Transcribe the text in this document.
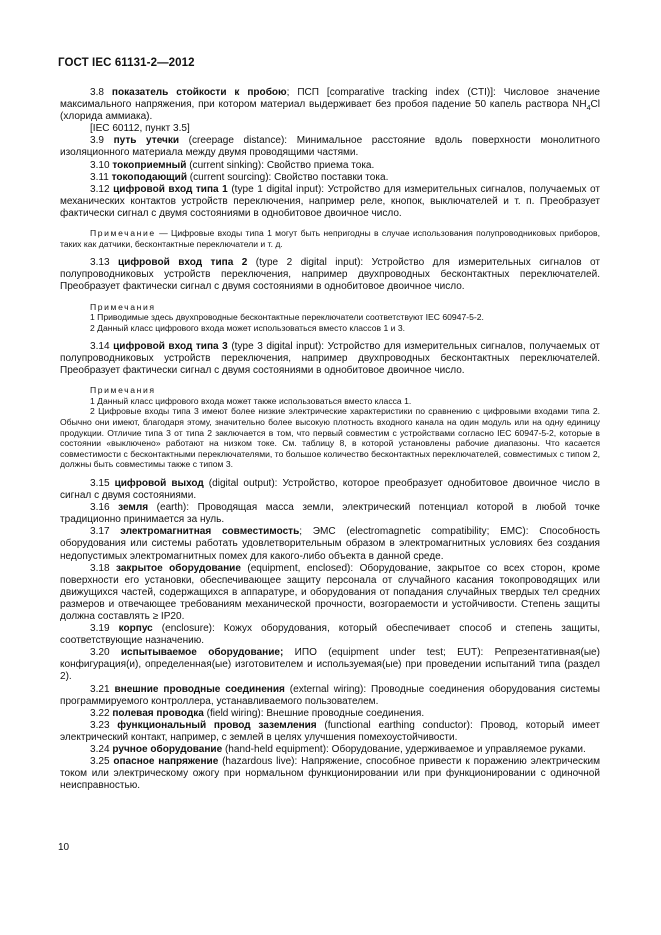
ГОСТ IEC 61131-2—2012

3.8 показатель стойкости к пробою; ПСП [comparative tracking index (CTI)]: Числовое значение максимального напряжения, при котором материал выдерживает без пробоя падение 50 капель раствора $NH_4Cl$ (хлорида аммиака).

[IEC 60112, пункт 3.5]

3.9 путь утечки (creepage distance): Минимальное расстояние вдоль поверхности монолитного изоляционного материала между двумя проводящими частями.

3.10 токоприемный (current sinking): Свойство приема тока.

3.11 токоподающий (current sourcing): Свойство поставки тока.

3.12 цифровой вход типа 1 (type 1 digital input): Устройство для измерительных сигналов, получаемых от механических контактов устройств переключения, например реле, кнопок, выключателей и т. п. Преобразует фактически сигнал с двумя состояниями в однобитовое двоичное число.

Примечание — Цифровые входы типа 1 могут быть непригодны в случае использования полупроводниковых приборов, таких как датчики, бесконтактные переключатели и т. д.

3.13 цифровой вход типа 2 (type 2 digital input): Устройство для измерительных сигналов от полупроводниковых устройств переключения, например двухпроводных бесконтактных переключателей. Преобразует фактически сигнал с двумя состояниями в однобитовое двоичное число.

Примечания

1 Приводимые здесь двухпроводные бесконтактные переключатели соответствуют IEC 60947-5-2.

2 Данный класс цифрового входа может использоваться вместо классов 1 и 3.

3.14 цифровой вход типа 3 (type 3 digital input): Устройство для измерительных сигналов, получаемых от полупроводниковых устройств переключения, например двухпроводных бесконтактных переключателей. Преобразует фактически сигнал с двумя состояниями в однобитовое двоичное число.

Примечания

1 Данный класс цифрового входа может также использоваться вместо класса 1.

2 Цифровые входы типа 3 имеют более низкие электрические характеристики по сравнению с цифровыми входами типа 2. Обычно они имеют, благодаря этому, значительно более высокую плотность входного канала на один модуль или на одну единицу продукции. Отличие типа 3 от типа 2 заключается в том, что первый совместим с устройствами согласно IEC 60947-5-2, которые в состоянии «выключено» работают на низком токе. См. таблицу 8, в которой установлены рабочие диапазоны. Что касается совместимости с бесконтактными переключателями, то большое количество бесконтактных переключателей, совместимых с типом 2, должны быть совместимы также с типом 3.

3.15 цифровой выход (digital output): Устройство, которое преобразует однобитовое двоичное число в сигнал с двумя состояниями.

3.16 земля (earth): Проводящая масса земли, электрический потенциал которой в любой точке традиционно принимается за нуль.

3.17 электромагнитная совместимость; ЭМС (electromagnetic compatibility; EMC): Способность оборудования или системы работать удовлетворительным образом в электромагнитных условиях без создания недопустимых электромагнитных помех для какого-либо объекта в данной среде.

3.18 закрытое оборудование (equipment, enclosed): Оборудование, закрытое со всех сторон, кроме поверхности его установки, обеспечивающее защиту персонала от случайного касания токопроводящих или движущихся частей, содержащихся в аппаратуре, и оборудования от попадания случайных твердых тел средних размеров и отвечающее требованиям механической прочности, возгораемости и устойчивости. Степень защиты должна составлять ≥ IP20.

3.19 корпус (enclosure): Кожух оборудования, который обеспечивает способ и степень защиты, соответствующие назначению.

3.20 испытываемое оборудование; ИПО (equipment under test; EUT): Репрезентативная(ые) конфигурация(и), определенная(ые) изготовителем и используемая(ые) при проведении испытаний типа (раздел 2).

3.21 внешние проводные соединения (external wiring): Проводные соединения оборудования системы программируемого контроллера, устанавливаемого пользователем.

3.22 полевая проводка (field wiring): Внешние проводные соединения.

3.23 функциональный провод заземления (functional earthing conductor): Провод, который имеет электрический контакт, например, с землей в целях улучшения помехоустойчивости.

3.24 ручное оборудование (hand-held equipment): Оборудование, удерживаемое и управляемое руками.

3.25 опасное напряжение (hazardous live): Напряжение, способное привести к поражению электрическим током или электрическому ожогу при нормальном функционировании или при функционировании с одиночной неисправностью.

10
